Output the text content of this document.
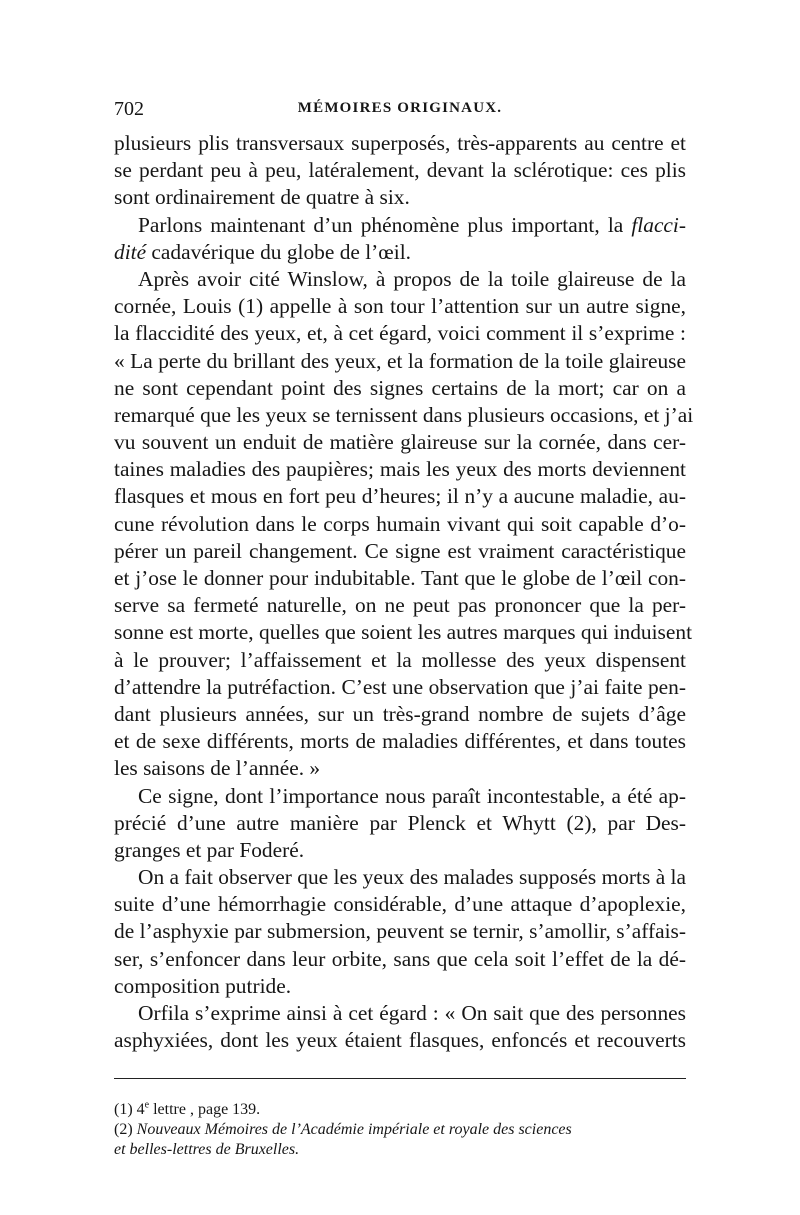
702	MÉMOIRES ORIGINAUX.
plusieurs plis transversaux superposés, très-apparents au centre et
se perdant peu à peu, latéralement, devant la sclérotique: ces plis
sont ordinairement de quatre à six.
Parlons maintenant d’un phénomène plus important, la flacci-
dité cadavérique du globe de l’œil.
Après avoir cité Winslow, à propos de la toile glaireuse de la
cornée, Louis (1) appelle à son tour l’attention sur un autre signe,
la flaccidité des yeux, et, à cet égard, voici comment il s’exprime :
« La perte du brillant des yeux, et la formation de la toile glaireuse
ne sont cependant point des signes certains de la mort; car on a
remarqué que les yeux se ternissent dans plusieurs occasions, et j’ai
vu souvent un enduit de matière glaireuse sur la cornée, dans cer-
taines maladies des paupières; mais les yeux des morts deviennent
flasques et mous en fort peu d’heures; il n’y a aucune maladie, au-
cune révolution dans le corps humain vivant qui soit capable d’o-
pérer un pareil changement. Ce signe est vraiment caractéristique
et j’ose le donner pour indubitable. Tant que le globe de l’œil con-
serve sa fermeté naturelle, on ne peut pas prononcer que la per-
sonne est morte, quelles que soient les autres marques qui induisent
à le prouver; l’affaissement et la mollesse des yeux dispensent
d’attendre la putréfaction. C’est une observation que j’ai faite pen-
dant plusieurs années, sur un très-grand nombre de sujets d’âge
et de sexe différents, morts de maladies différentes, et dans toutes
les saisons de l’année. »
Ce signe, dont l’importance nous paraît incontestable, a été ap-
précié d’une autre manière par Plenck et Whytt (2), par Des-
granges et par Foderé.
On a fait observer que les yeux des malades supposés morts à la
suite d’une hémorrhagie considérable, d’une attaque d’apoplexie,
de l’asphyxie par submersion, peuvent se ternir, s’amollir, s’affais-
ser, s’enfoncer dans leur orbite, sans que cela soit l’effet de la dé-
composition putride.
Orfila s’exprime ainsi à cet égard : « On sait que des personnes
asphyxiées, dont les yeux étaient flasques, enfoncés et recouverts
(1) 4e lettre , page 139.
(2) Nouveaux Mémoires de l’Académie impériale et royale des sciences
et belles-lettres de Bruxelles.
